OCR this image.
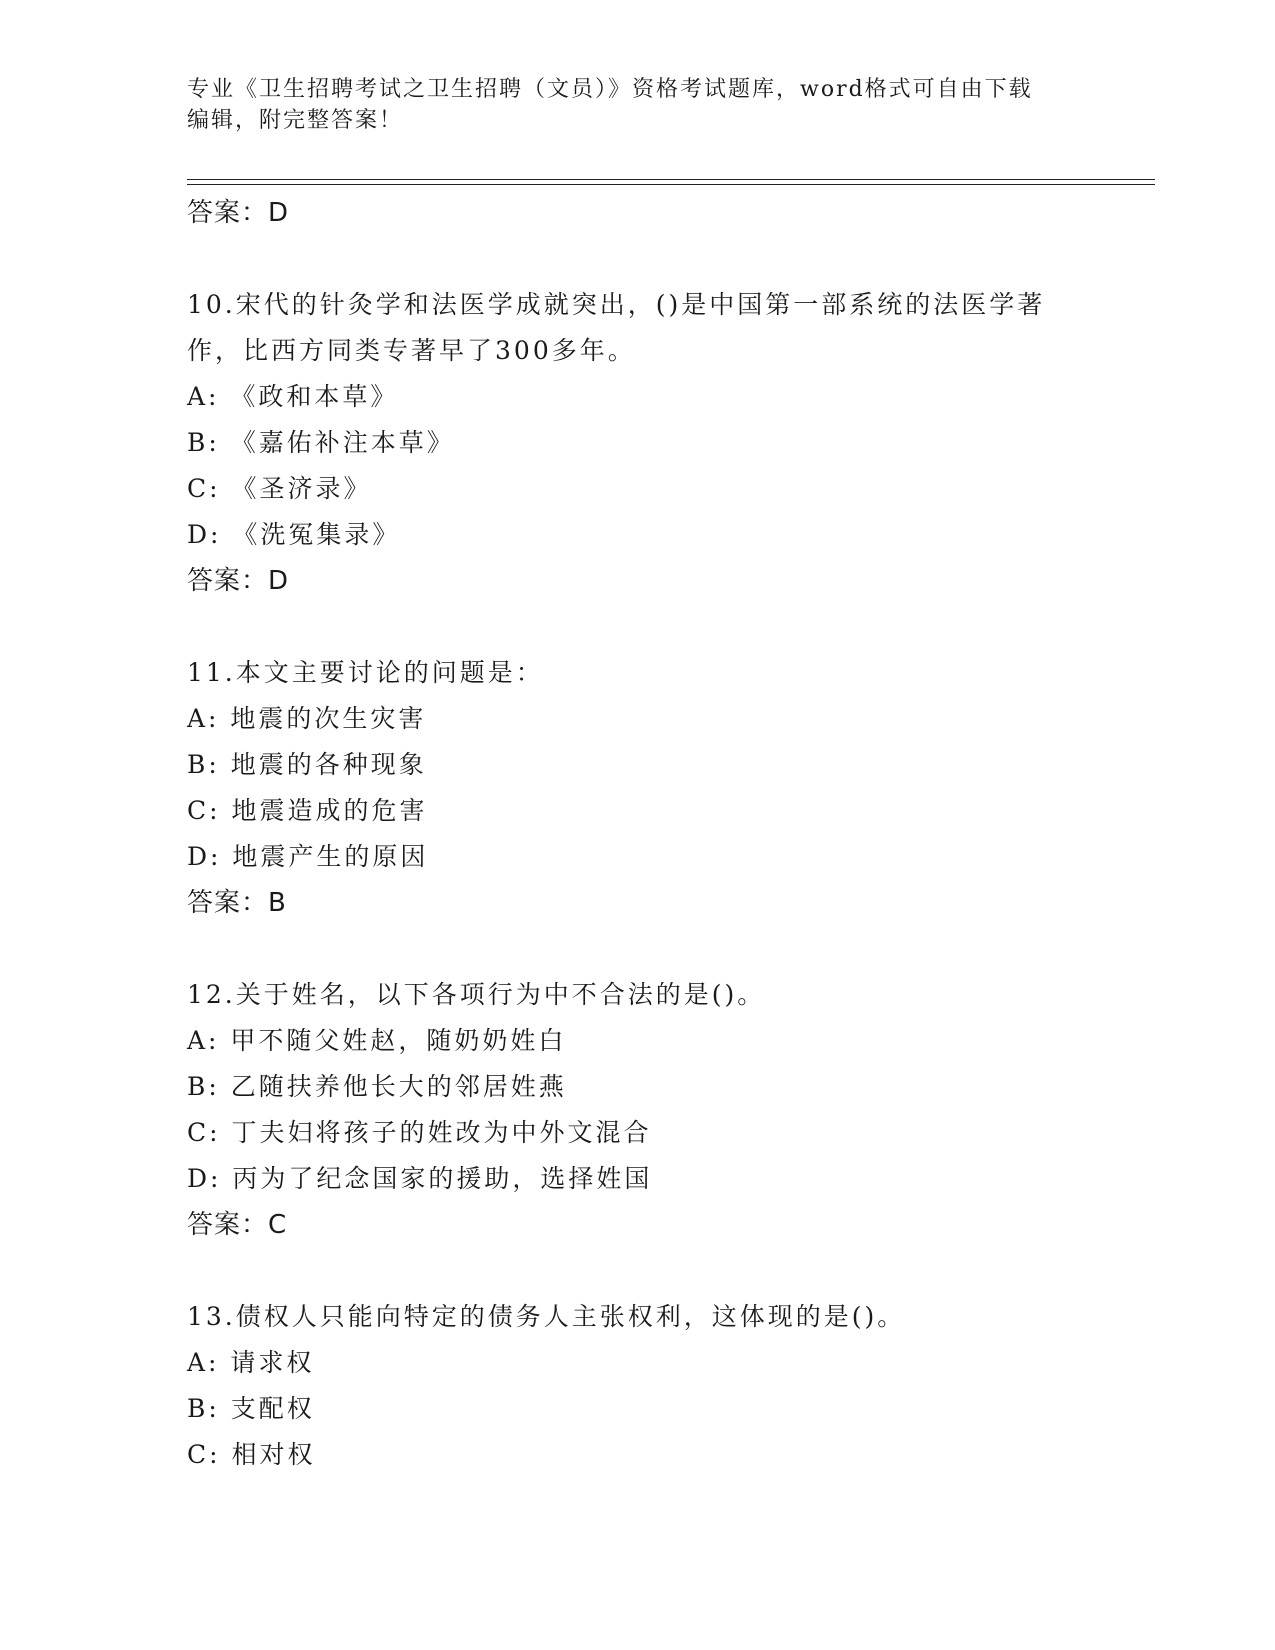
专业《卫生招聘考试之卫生招聘（文员）》资格考试题库，word格式可自由下载
编辑，附完整答案！
答案：D
10.宋代的针灸学和法医学成就突出，()是中国第一部系统的法医学著
作，比西方同类专著早了300多年。
A: 《政和本草》
B: 《嘉佑补注本草》
C: 《圣济录》
D: 《洗冤集录》
答案：D
11.本文主要讨论的问题是：
A: 地震的次生灾害
B: 地震的各种现象
C: 地震造成的危害
D: 地震产生的原因
答案：B
12.关于姓名，以下各项行为中不合法的是()。
A: 甲不随父姓赵，随奶奶姓白
B: 乙随扶养他长大的邻居姓燕
C: 丁夫妇将孩子的姓改为中外文混合
D: 丙为了纪念国家的援助，选择姓国
答案：C
13.债权人只能向特定的债务人主张权利，这体现的是()。
A: 请求权
B: 支配权
C: 相对权
